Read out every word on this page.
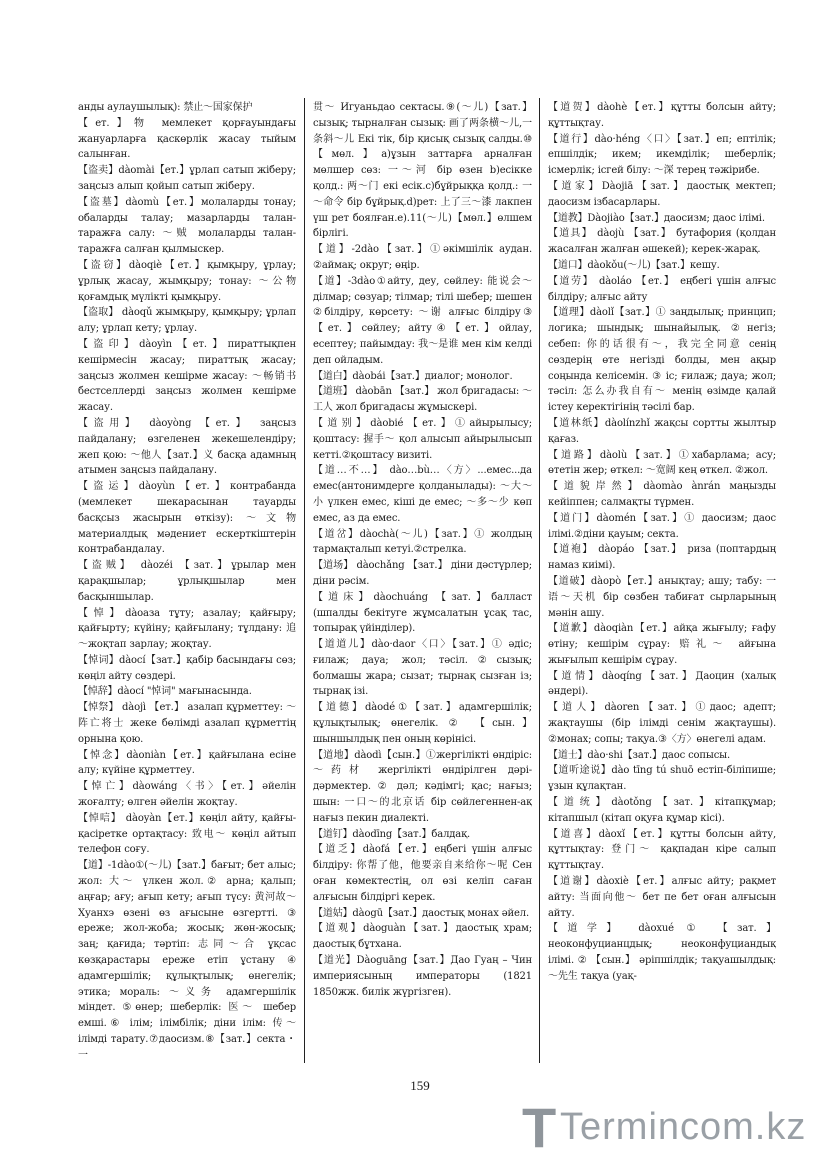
анды аулаушылық): 禁止～国家保护

【ет.】物 мемлекет қорғауындағы жануарларға қаскөрлік жасау тыйым салынған.

【盗卖】dàomài【ет.】ұрлап сатып жіберу; заңсыз алып қойып сатып жіберу.

【盗墓】dàomù【ет.】молаларды тонау; обаларды талау; мазарларды талан-таражға салу: ～贼 молаларды талан-таражға салған қылмыскер.

【盗窃】dàoqiè【ет.】қымқыру, ұрлау; ұрлық жасау, жымқыру; тонау: ～公物 қоғамдық мүлікті қымқыру.

【盗取】 dàoqǔ жымқыру, қымқыру; ұрлап алу; ұрлап кету; ұрлау.

【盗印】dàoyìn【ет.】пираттықпен кешірмесін жасау; пираттық жасау; заңсыз жолмен кешірме жасау: ～畅销书 бестселлерді заңсыз жолмен кешірме жасау.

【盗用】 dàoyòng 【ет.】 заңсыз пайдалану; өзгеленен жекешелендіру; жеп қою: ～他人【зат.】义 басқа адамның атымен заңсыз пайдалану.

【盗运】dàoyùn【ет.】контрабанда (мемлекет шекарасынан тауарды басқсыз жасырын өткізу): ～文物 материалдық мәдениет ескерткіштерін контрабандалау.

【盗贼】 dàozéi 【зат.】ұрылар мен қарақшылар; ұрлықшылар мен басқыншылар.

【悼】dàoаза тұту; азалау; қайғыру; қайғырту; күйіну; қайғылану; тұлдану: 追～жоқтап зарлау; жоқтау.

【悼词】dàocí【зат.】қабір басындағы сөз; көңіл айту сөздері.

【悼辞】dàocí "悼词" мағынасында.

【悼祭】 dàojì 【ет.】 азалап құрметтеу: ～阵亡将士 жеке бөлімді азалап құрметтің орнына қою.

【悼念】dàoniàn【ет.】қайғылана есіне алу; күйіне құрметтеу.

【悼亡】dàowáng〈书〉【ет.】әйелін жоғалту; өлген әйелін жоқтау.

【悼唁】 dàoyàn【ет.】көңіл айту, қайғы-қасіретке ортақтасу: 致电～ көңіл айтып телефон соғу.

【道】-1dào①(～儿)【зат.】бағыт; бет алыс; жол: 大～ үлкен жол.② арна; қалып; аңғар; ағу; ағып кету; ағып түсу: 黄河故～ Хуанхэ өзені өз ағысыне өзгертті. ③ ереже; жол-жоба; жосық; жөн-жосық; заң; қағида; тәртіп: 志同～合 ұқсас көзқарастары ереже етіп ұстану ④ адамгершілік; құлықтылық; өнегелік; этика; мораль: ～义务 адамгершілік міндет. ⑤өнер; шеберлік: 医～ шебер емші.⑥ ілім; ілімбілік; діни ілім: 传～ ілімді тарату.⑦даосизм.⑧【зат.】секта・一

贯～ Игуаньдао сектасы.⑨(～儿)【зат.】сызық; тырналған сызық: 画了两条横～儿,一条斜～儿 Екі тік, бір қисық сызық салды.⑩【мөл.】a)ұзын заттарға арналған мөлшер сөз: 一～河 бір өзен b)есікке қолд.: 两～门 екі есік.c)бұйрыққа қолд.: 一～命令 бір бұйрық.d)рет: 上了三～漆 лакпен үш рет боялған.e).11(～儿)【мөл.】өлшем бірлігі.

【道】-2dào【зат.】①әкімшілік аудан. ②аймақ; округ; өңір.

【道】-3dào①айту, деу, сөйлеу: 能说会～ділмар; сөзуар; тілмар; тілі шебер; шешен ②білдіру, көрсету: ～谢 алғыс білдіру③【ет.】сөйлеу; айту④【ет.】ойлау, есептеу; пайымдау: 我～是谁 мен кім келді деп ойладым.

【道白】dàobái【зат.】диалог; монолог.

【道班】 dàobān 【зат.】 жол бригадасы: ～工人 жол бригадасы жұмыскері.

【道别】dàobié【ет.】①айырылысу; қоштасу: 握手～ қол алысып айырылысып кетті.②қоштасу визиті.

【道…不…】 dào…bù…〈方〉...емес...да емес(антонимдерге қолданылады): ～大～小 үлкен емес, кіші де емес; ～多～少 көп емес, аз да емес.

【道岔】dàochà(～儿)【зат.】① жолдың тармақталып кетуі.②стрелка.

【道场】 dàochǎng 【зат.】 діни дәстүрлер; діни рәсім.

【道床】dàochuáng 【зат.】балласт (шпалды бекітуге жұмсалатын ұсақ тас, топырақ үйінділер).

【道道儿】dào·daor〈口〉【зат.】① әдіс; ғилаж; дауа; жол; тәсіл.②сызық; болмашы жара; сызат; тырнақ сызған із; тырнақ ізі.

【道德】dàodé①【зат.】адамгершілік; құлықтылық; өнегелік. ② 【сын.】 шыншылдық пен оның көрінісі.

【道地】dàodì【сын.】①жергілікті өндіріс: ～药材 жергілікті өндірілген дәрі-дәрмектер. ② дәл; кәдімгі; қас; нағыз; шын: 一口～的北京话 бір сөйлегеннен-ақ нағыз пекин диалекті.

【道钉】dàodīng【зат.】балдақ.

【道乏】dàofá【ет.】еңбегі үшін алғыс білдіру: 你帮了他，他要亲自来给你～呢 Сен оған көмектестің, ол өзі келіп саған алғысын білдіргі керек.

【道姑】dàogū【зат.】даостық монах әйел.

【道观】dàoguàn【зат.】даостық храм; даостық бұтхана.

【道光】Dàoguāng【зат.】Дао Гуаң – Чин империясының императоры (1821 1850жж. билік жүргізген).

【道贺】dàohè【ет.】құтты болсын айту; құттықтау.

【道行】dào·héng〈口〉【зат.】еп; ептілік; епшілдік; икем; икемділік; шеберлік; ісмерлік; ісгей білу: ～深 терең тәжірибе.

【道家】Dàojiā【зат.】даостық мектеп; даосизм ізбасарлары.

【道教】Dàojiào【зат.】даосизм; даос ілімі.

【道具】 dàojù 【зат.】 бутафория (қолдан жасалған жалған әшекей); керек-жарақ.

【道口】dàokǒu(～儿)【зат.】кешу.

【道劳】 dàoláo 【ет.】 еңбегі үшін алғыс білдіру; алғыс айту

【道理】dàolǐ【зат.】① заңдылық; принцип; логика; шындық; шынайылық. ②негіз; себеп: 你的话很有～，我完全同意 сенің сөздерің өте негізді болды, мен ақыр соңында келісемін. ③ іс; ғилаж; дауа; жол; тәсіл: 怎么办我自有～ менің өзімде қалай істеу керектігінің тәсілі бар.

【道林纸】dàolínzhǐ жақсы сортты жылтыр қағаз.

【道路】dàolù【зат.】①хабарлама; асу; өтетін жер; өткел: ～宽阔 кең өткел. ②жол.

【道貌岸然】dàomào ànrán маңызды кейіппен; салмақты түрмен.

【道门】dàomén【зат.】① даосизм; даос ілімі.②діни қауым; секта.

【道袍】 dàopáo 【зат.】 риза (поптардың намаз киімі).

【道破】dàopò【ет.】анықтау; ашу; табу: 一语～天机 бір сөзбен табиғат сырларының мәнін ашу.

【道歉】dàoqiàn【ет.】айқа жығылу; ғафу өтіну; кешірім сұрау: 赔礼～ айғына жығылып кешірім сұрау.

【道情】dàoqíng【зат.】Даоцин (халық әндері).

【道人】dàoren【зат.】①даос; адепт; жақтаушы (бір ілімді сенім жақтаушы). ②монах; сопы; тақуа.③〈方〉өнегелі адам.

【道士】dào·shi【зат.】даос сопысы.

【道听途说】dào tīng tú shuō естіп-біліпише; ұзын құлақтан.

【道统】dàotǒng【зат.】кітапқұмар; кітапшыл (кітап оқуға құмар кісі).

【道喜】dàoxǐ【ет.】құтты болсын айту, құттықтау: 登门～ қақпадан кіре салып құттықтау.

【道谢】dàoxiè【ет.】алғыс айту; рақмет айту: 当面向他～ бет пе бет оған алғысын айту.

【道学】 dàoxué ① 【зат.】 неоконфуцианцдық; неоконфуциандық ілімі. ② 【сын.】 әріпшілдік; тақуашылдық: ～先生 тақуа (уақ-

159
T Termincom.kz
